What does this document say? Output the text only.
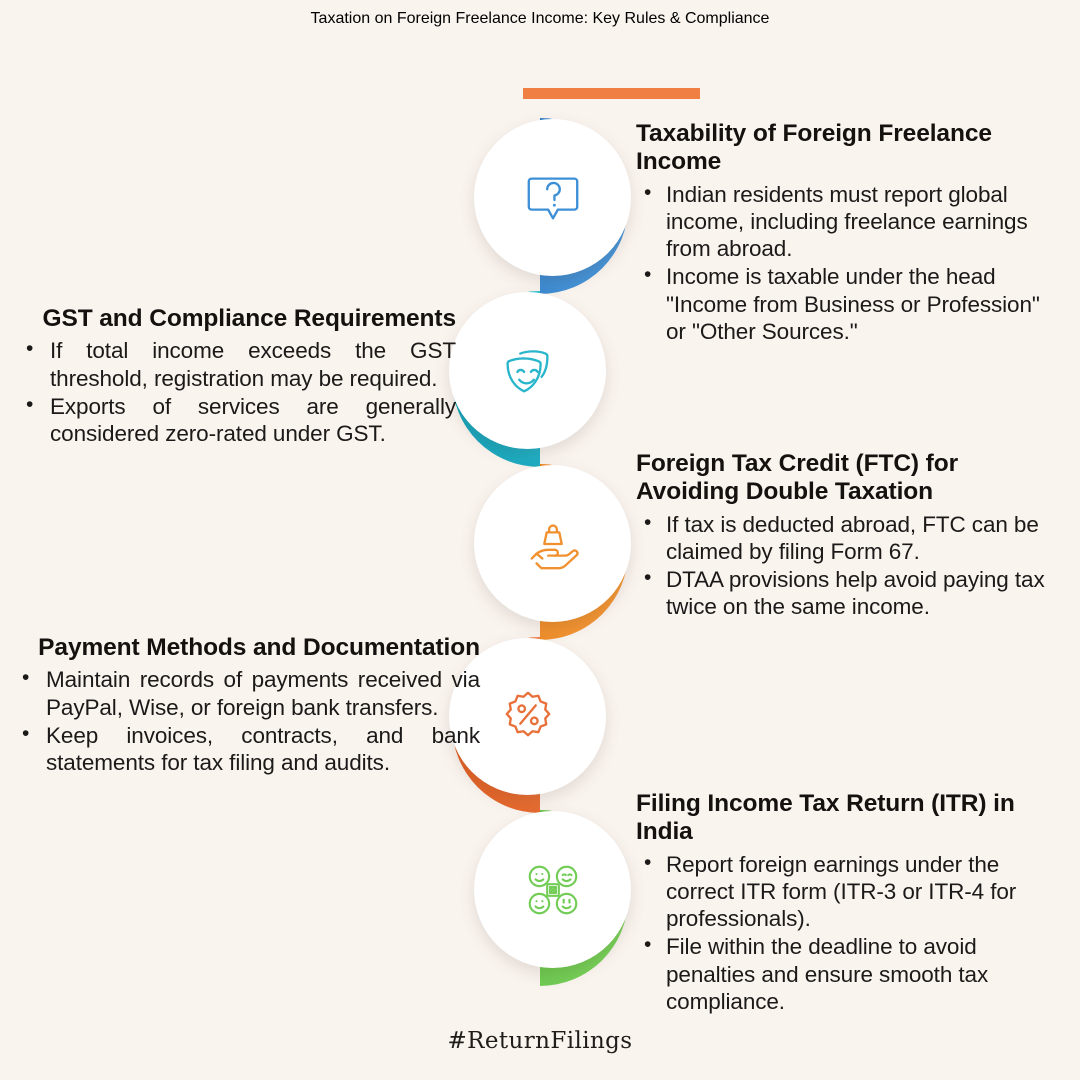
Taxation on Foreign Freelance Income: Key Rules & Compliance
Taxability of Foreign Freelance Income
• Indian residents must report global income, including freelance earnings from abroad.
• Income is taxable under the head "Income from Business or Profession" or "Other Sources."
GST and Compliance Requirements
• If total income exceeds the GST threshold, registration may be required.
• Exports of services are generally considered zero-rated under GST.
Foreign Tax Credit (FTC) for Avoiding Double Taxation
• If tax is deducted abroad, FTC can be claimed by filing Form 67.
• DTAA provisions help avoid paying tax twice on the same income.
Payment Methods and Documentation
• Maintain records of payments received via PayPal, Wise, or foreign bank transfers.
• Keep invoices, contracts, and bank statements for tax filing and audits.
Filing Income Tax Return (ITR) in India
• Report foreign earnings under the correct ITR form (ITR-3 or ITR-4 for professionals).
• File within the deadline to avoid penalties and ensure smooth tax compliance.
#ReturnFilings
